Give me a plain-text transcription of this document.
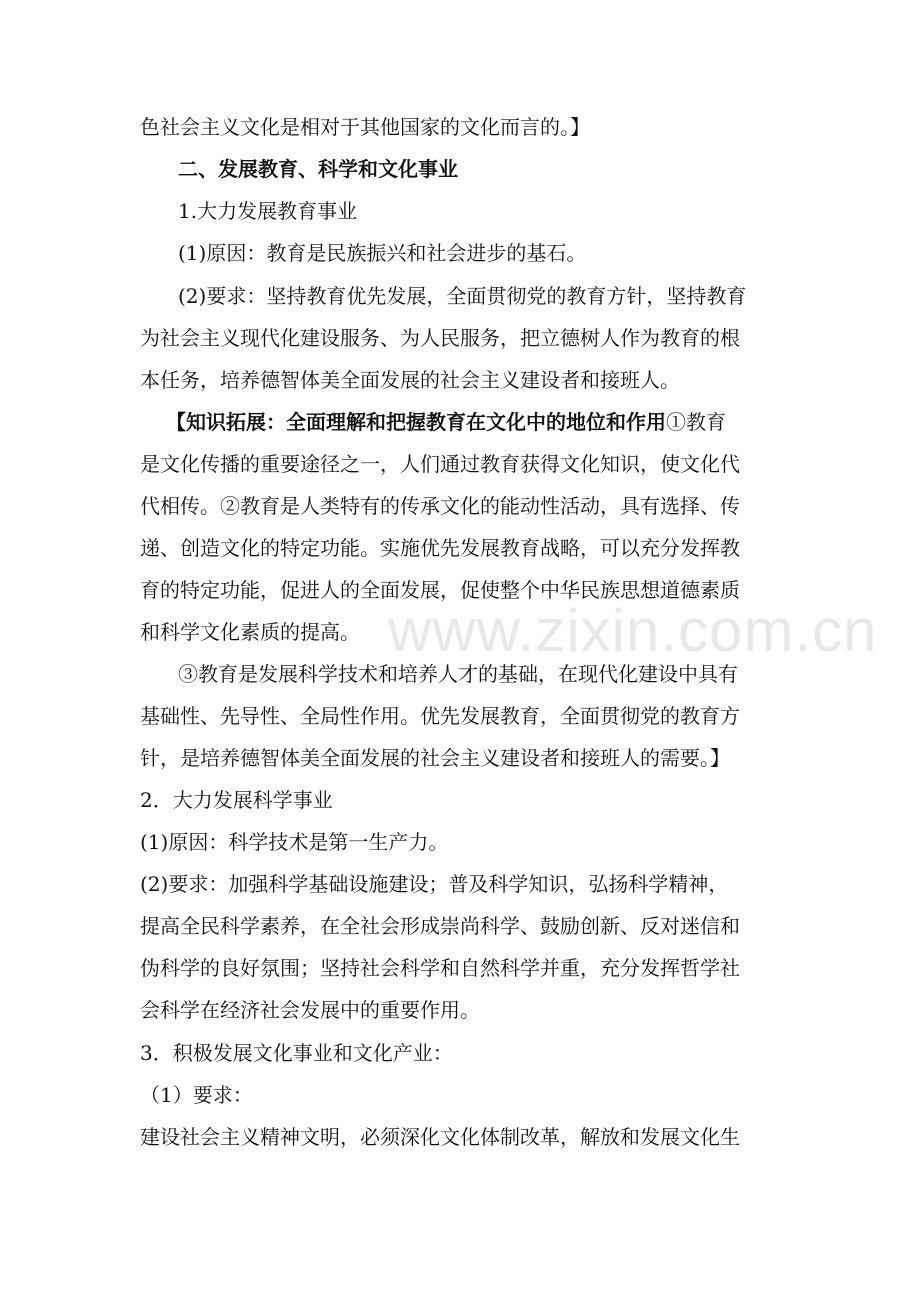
色社会主义文化是相对于其他国家的文化而言的。】
二、发展教育、科学和文化事业
1.大力发展教育事业
(1)原因：教育是民族振兴和社会进步的基石。
(2)要求：坚持教育优先发展，全面贯彻党的教育方针，坚持教育
为社会主义现代化建设服务、为人民服务，把立德树人作为教育的根
本任务，培养德智体美全面发展的社会主义建设者和接班人。
【知识拓展：全面理解和把握教育在文化中的地位和作用①教育
是文化传播的重要途径之一，人们通过教育获得文化知识，使文化代
代相传。②教育是人类特有的传承文化的能动性活动，具有选择、传
递、创造文化的特定功能。实施优先发展教育战略，可以充分发挥教
育的特定功能，促进人的全面发展，促使整个中华民族思想道德素质
和科学文化素质的提高。
③教育是发展科学技术和培养人才的基础，在现代化建设中具有
基础性、先导性、全局性作用。优先发展教育，全面贯彻党的教育方
针，是培养德智体美全面发展的社会主义建设者和接班人的需要。】
2．大力发展科学事业
(1)原因：科学技术是第一生产力。
(2)要求：加强科学基础设施建设；普及科学知识，弘扬科学精神，
提高全民科学素养，在全社会形成崇尚科学、鼓励创新、反对迷信和
伪科学的良好氛围；坚持社会科学和自然科学并重，充分发挥哲学社
会科学在经济社会发展中的重要作用。
3．积极发展文化事业和文化产业：
（1）要求：
建设社会主义精神文明，必须深化文化体制改革，解放和发展文化生
www.zixin.com.cn
